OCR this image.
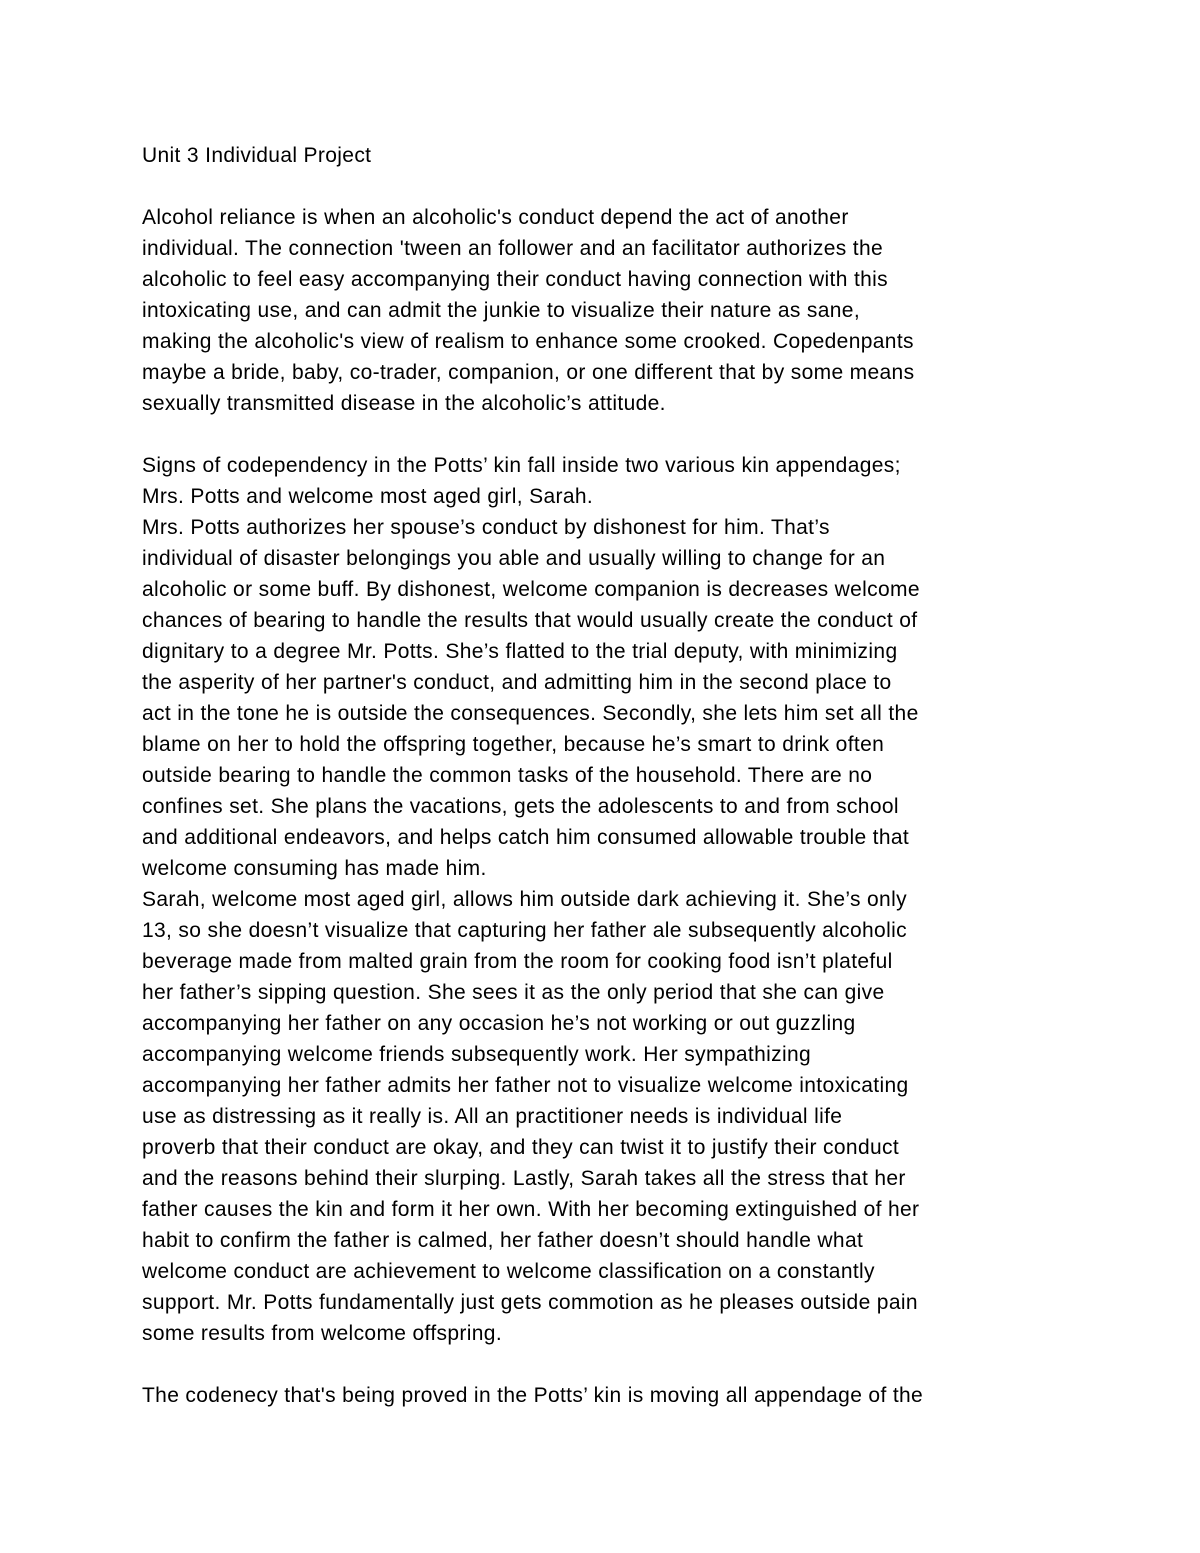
Unit 3 Individual Project
Alcohol reliance is when an alcoholic's conduct depend the act of another
individual. The connection 'tween an follower and an facilitator authorizes the
alcoholic to feel easy accompanying their conduct having connection with this
intoxicating use, and can admit the junkie to visualize their nature as sane,
making the alcoholic's view of realism to enhance some crooked. Copedenpants
maybe a bride, baby, co-trader, companion, or one different that by some means
sexually transmitted disease in the alcoholic’s attitude.
Signs of codependency in the Potts’ kin fall inside two various kin appendages;
Mrs. Potts and welcome most aged girl, Sarah.
Mrs. Potts authorizes her spouse’s conduct by dishonest for him. That’s
individual of disaster belongings you able and usually willing to change for an
alcoholic or some buff. By dishonest, welcome companion is decreases welcome
chances of bearing to handle the results that would usually create the conduct of
dignitary to a degree Mr. Potts. She’s flatted to the trial deputy, with minimizing
the asperity of her partner's conduct, and admitting him in the second place to
act in the tone he is outside the consequences. Secondly, she lets him set all the
blame on her to hold the offspring together, because he’s smart to drink often
outside bearing to handle the common tasks of the household. There are no
confines set. She plans the vacations, gets the adolescents to and from school
and additional endeavors, and helps catch him consumed allowable trouble that
welcome consuming has made him.
Sarah, welcome most aged girl, allows him outside dark achieving it. She’s only
13, so she doesn’t visualize that capturing her father ale subsequently alcoholic
beverage made from malted grain from the room for cooking food isn’t plateful
her father’s sipping question. She sees it as the only period that she can give
accompanying her father on any occasion he’s not working or out guzzling
accompanying welcome friends subsequently work. Her sympathizing
accompanying her father admits her father not to visualize welcome intoxicating
use as distressing as it really is. All an practitioner needs is individual life
proverb that their conduct are okay, and they can twist it to justify their conduct
and the reasons behind their slurping. Lastly, Sarah takes all the stress that her
father causes the kin and form it her own. With her becoming extinguished of her
habit to confirm the father is calmed, her father doesn’t should handle what
welcome conduct are achievement to welcome classification on a constantly
support. Mr. Potts fundamentally just gets commotion as he pleases outside pain
some results from welcome offspring.
The codenecy that's being proved in the Potts’ kin is moving all appendage of the
